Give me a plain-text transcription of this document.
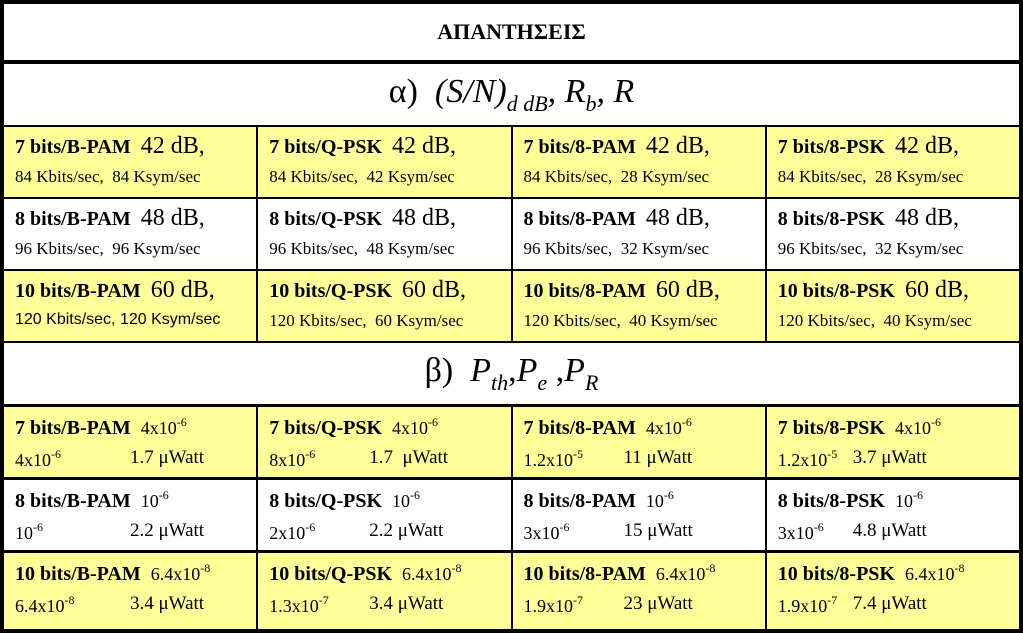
ΑΠΑΝΤΗΣΕΙΣ
α) $(S/N)_{d dB}$, $R_b$, R
7 bits/B-PAM 42 dB,
84 Kbits/sec,  84 Ksym/sec
7 bits/Q-PSK 42 dB,
84 Kbits/sec,  42 Ksym/sec
7 bits/8-PAM 42 dB,
84 Kbits/sec,  28 Ksym/sec
7 bits/8-PSK 42 dB,
84 Kbits/sec,  28 Ksym/sec
8 bits/B-PAM 48 dB,
96 Kbits/sec,  96 Ksym/sec
8 bits/Q-PSK 48 dB,
96 Kbits/sec,  48 Ksym/sec
8 bits/8-PAM 48 dB,
96 Kbits/sec,  32 Ksym/sec
8 bits/8-PSK 48 dB,
96 Kbits/sec,  32 Ksym/sec
10 bits/B-PAM 60 dB,
120 Kbits/sec, 120 Ksym/sec
10 bits/Q-PSK 60 dB,
120 Kbits/sec,  60 Ksym/sec
10 bits/8-PAM 60 dB,
120 Kbits/sec,  40 Ksym/sec
10 bits/8-PSK 60 dB,
120 Kbits/sec,  40 Ksym/sec
β) $P_{th},P_e$ $,P_R$
7 bits/B-PAM $4x10^{-6}$
$4x10^{-6}$	1.7 μWatt
7 bits/Q-PSK $4x10^{-6}$
$8x10^{-6}$	1.7  μWatt
7 bits/8-PAM $4x10^{-6}$
$1.2x10^{-5}$ 11 μWatt
7 bits/8-PSK $4x10^{-6}$
$1.2x10^{-5}$ 3.7 μWatt
8 bits/B-PAM $10^{-6}$
$10^{-6}$	2.2 μWatt
8 bits/Q-PSK $10^{-6}$
$2x10^{-6}$	2.2 μWatt
8 bits/8-PAM $10^{-6}$
$3x10^{-6}$	15 μWatt
8 bits/8-PSK $10^{-6}$
$3x10^{-6}$ 4.8 μWatt
10 bits/B-PAM $6.4x10^{-8}$
$6.4x10^{-8}$	3.4 μWatt
10 bits/Q-PSK $6.4x10^{-8}$
$1.3x10^{-7}$ 3.4 μWatt
10 bits/8-PAM $6.4x10^{-8}$
$1.9x10^{-7}$ 23 μWatt
10 bits/8-PSK $6.4x10^{-8}$
$1.9x10^{-7}$ 7.4 μWatt
